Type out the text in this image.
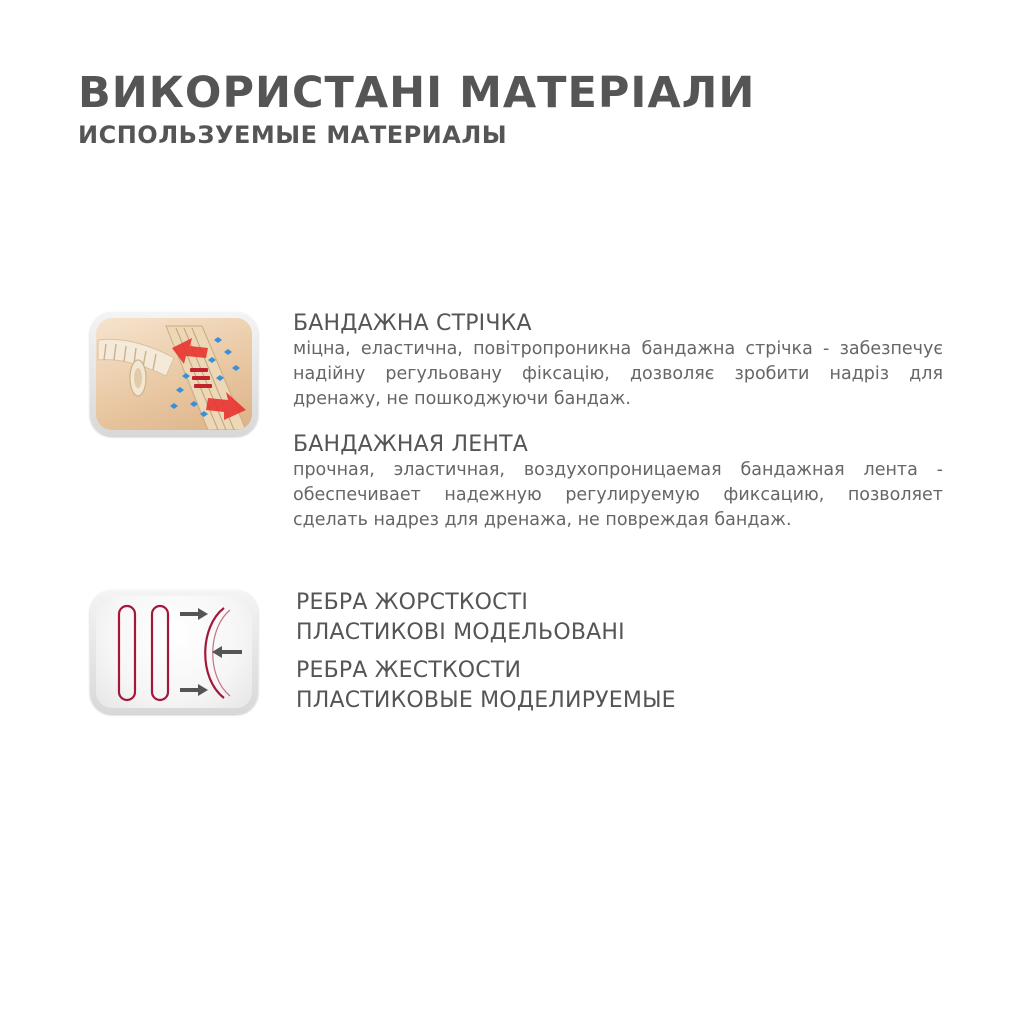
ВИКОРИСТАНІ МАТЕРІАЛИ
ИСПОЛЬЗУЕМЫЕ МАТЕРИАЛЫ
БАНДАЖНА СТРІЧКА
міцна, еластична, повітропроникна бандажна стрічка - забезпечує надійну регульовану фіксацію, дозволяє зробити надріз для дренажу, не пошкоджуючи бандаж.
БАНДАЖНАЯ ЛЕНТА
прочная, эластичная, воздухопроницаемая бандажная лента - обеспечивает надежную регулируемую фиксацию, позволяет сделать надрез для дренажа, не повреждая бандаж.
РЕБРА ЖОРСТКОСТІ
ПЛАСТИКОВІ МОДЕЛЬОВАНІ
РЕБРА ЖЕСТКОСТИ
ПЛАСТИКОВЫЕ МОДЕЛИРУЕМЫЕ
